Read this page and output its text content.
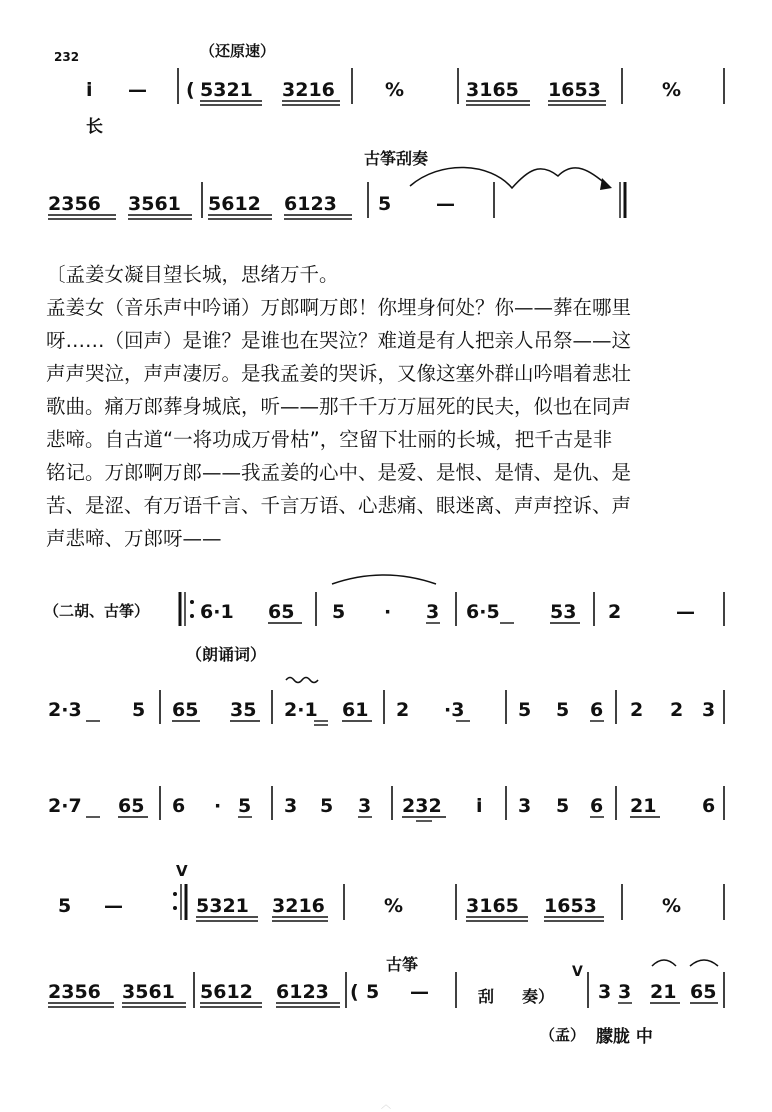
（还原速）
232
长
i — ( 5321 3216	%	3165 1653	%
2356 3561 5612 6123 5 —
古筝刮奏

〔孟姜女凝目望长城，思绪万千。

孟姜女（音乐声中吟诵）万郎啊万郎！你埋身何处？你——葬在哪里

呀……（回声）是谁？是谁也在哭泣？难道是有人把亲人吊祭——这

声声哭泣，声声凄厉。是我孟姜的哭诉，又像这塞外群山吟唱着悲壮

歌曲。痛万郎葬身城底，听——那千千万万屈死的民夫，似也在同声

悲啼。自古道“一将功成万骨枯”，空留下壮丽的长城，把千古是非

铭记。万郎啊万郎——我孟姜的心中、是爱、是恨、是情、是仇、是

苦、是涩、有万语千言、千言万语、心悲痛、眼迷离、声声控诉、声

声悲啼、万郎呀——

（二胡、古筝）
（朗诵词）
6·1 65 5 · 3 6·5	53 2	—
2·3	5 65 35 2·1 61 2 ·3	5 5 6 2 2 3
2·7 65 6 · 5 3 5 3 232 i 3 5 6 21 6
V
5 —	5321 3216	%	3165 1653	%
2356 3561 5612 6123 ( 5 —
V
3 3 21 65
古筝
刮 奏）
（孟） 朦胧 中
︿
